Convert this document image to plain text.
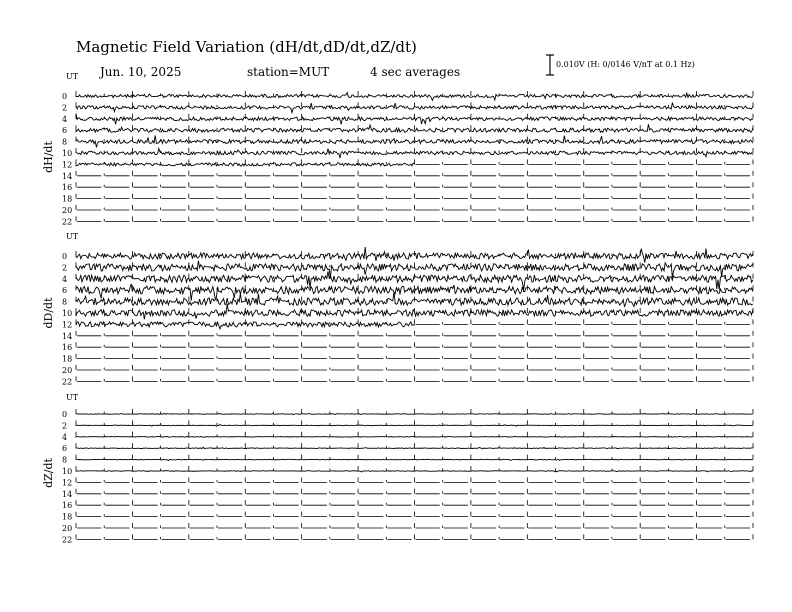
Magnetic Field Variation (dH/dt,dD/dt,dZ/dt)
Jun. 10, 2025	station=MUT	4 sec averages
0.010V (H: 0/0146 V/nT at 0.1 Hz)
UT
dH/dt
0
2
4
6
8
10
12
14
16
18
20
22
UT
dD/dt
0
2
4
6
8
10
12
14
16
18
20
22
UT
dZ/dt
0
2
4
6
8
10
12
14
16
18
20
22
